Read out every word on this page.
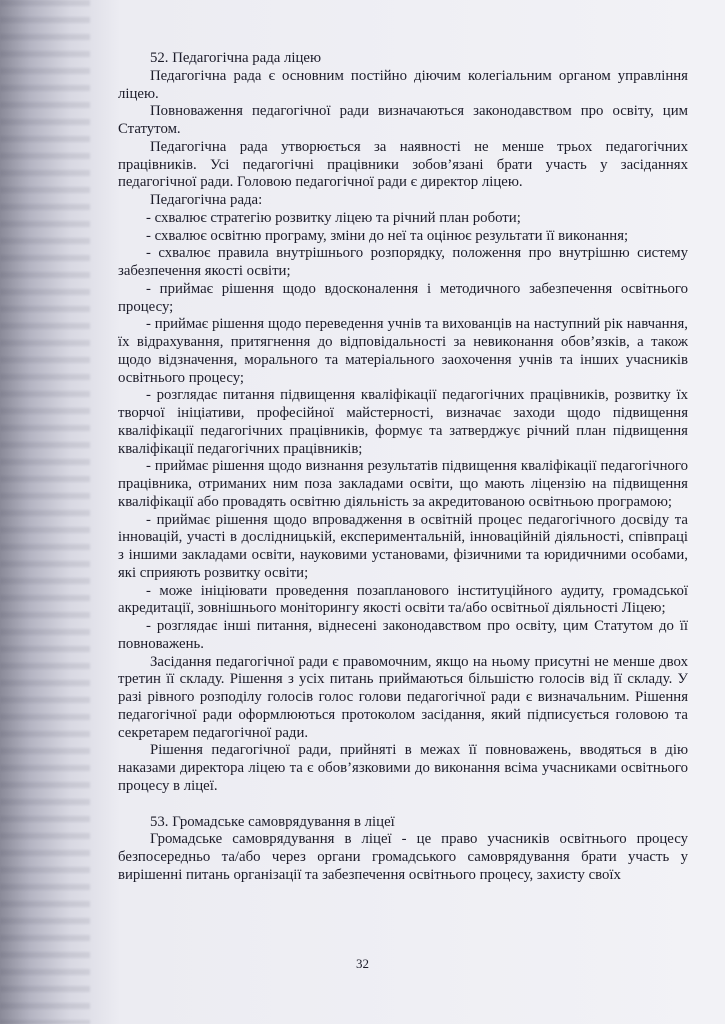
52. Педагогічна рада ліцею

Педагогічна рада є основним постійно діючим колегіальним органом управління ліцею.

Повноваження педагогічної ради визначаються законодавством про освіту, цим Статутом.

Педагогічна рада утворюється за наявності не менше трьох педагогічних працівників. Усі педагогічні працівники зобов’язані брати участь у засіданнях педагогічної ради. Головою педагогічної ради є директор ліцею.

Педагогічна рада:

- схвалює стратегію розвитку ліцею та річний план роботи;

- схвалює освітню програму, зміни до неї та оцінює результати її виконання;

- схвалює правила внутрішнього розпорядку, положення про внутрішню систему забезпечення якості освіти;

- приймає рішення щодо вдосконалення і методичного забезпечення освітнього процесу;

- приймає рішення щодо переведення учнів та вихованців на наступний рік навчання, їх відрахування, притягнення до відповідальності за невиконання обов’язків, а також щодо відзначення, морального та матеріального заохочення учнів та інших учасників освітнього процесу;

- розглядає питання підвищення кваліфікації педагогічних працівників, розвитку їх творчої ініціативи, професійної майстерності, визначає заходи щодо підвищення кваліфікації педагогічних працівників, формує та затверджує річний план підвищення кваліфікації педагогічних працівників;

- приймає рішення щодо визнання результатів підвищення кваліфікації педагогічного працівника, отриманих ним поза закладами освіти, що мають ліцензію на підвищення кваліфікації або провадять освітню діяльність за акредитованою освітньою програмою;

- приймає рішення щодо впровадження в освітній процес педагогічного досвіду та інновацій, участі в дослідницькій, експериментальній, інноваційній діяльності, співпраці з іншими закладами освіти, науковими установами, фізичними та юридичними особами, які сприяють розвитку освіти;

- може ініціювати проведення позапланового інституційного аудиту, громадської акредитації, зовнішнього моніторингу якості освіти та/або освітньої діяльності Ліцею;

- розглядає інші питання, віднесені законодавством про освіту, цим Статутом до її повноважень.

Засідання педагогічної ради є правомочним, якщо на ньому присутні не менше двох третин її складу. Рішення з усіх питань приймаються більшістю голосів від її складу. У разі рівного розподілу голосів голос голови педагогічної ради є визначальним. Рішення педагогічної ради оформлюються протоколом засідання, який підписується головою та секретарем педагогічної ради.

Рішення педагогічної ради, прийняті в межах її повноважень, вводяться в дію наказами директора ліцею та є обов’язковими до виконання всіма учасниками освітнього процесу в ліцеї.

53. Громадське самоврядування в ліцеї

Громадське самоврядування в ліцеї - це право учасників освітнього процесу безпосередньо та/або через органи громадського самоврядування брати участь у вирішенні питань організації та забезпечення освітнього процесу, захисту своїх

32
